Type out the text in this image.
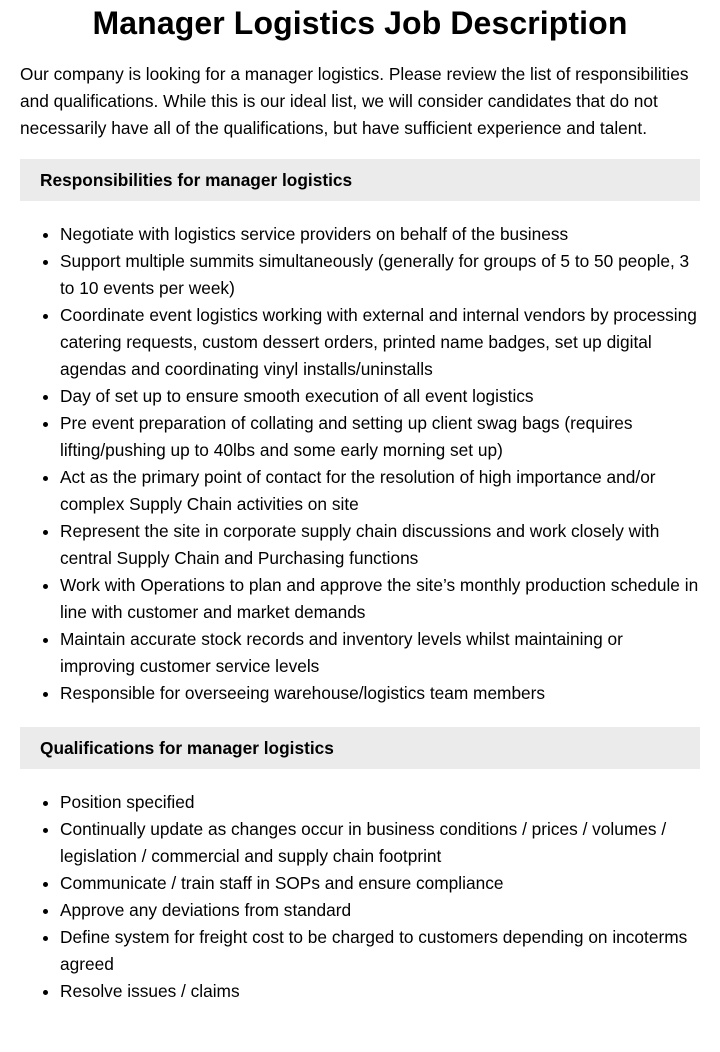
Manager Logistics Job Description

Our company is looking for a manager logistics. Please review the list of responsibilities and qualifications. While this is our ideal list, we will consider candidates that do not necessarily have all of the qualifications, but have sufficient experience and talent.

Responsibilities for manager logistics
• Negotiate with logistics service providers on behalf of the business
• Support multiple summits simultaneously (generally for groups of 5 to 50 people, 3 to 10 events per week)
• Coordinate event logistics working with external and internal vendors by processing catering requests, custom dessert orders, printed name badges, set up digital agendas and coordinating vinyl installs/uninstalls
• Day of set up to ensure smooth execution of all event logistics
• Pre event preparation of collating and setting up client swag bags (requires lifting/pushing up to 40lbs and some early morning set up)
• Act as the primary point of contact for the resolution of high importance and/or complex Supply Chain activities on site
• Represent the site in corporate supply chain discussions and work closely with central Supply Chain and Purchasing functions
• Work with Operations to plan and approve the site’s monthly production schedule in line with customer and market demands
• Maintain accurate stock records and inventory levels whilst maintaining or improving customer service levels
• Responsible for overseeing warehouse/logistics team members
Qualifications for manager logistics
• Position specified
• Continually update as changes occur in business conditions / prices / volumes / legislation / commercial and supply chain footprint
• Communicate / train staff in SOPs and ensure compliance
• Approve any deviations from standard
• Define system for freight cost to be charged to customers depending on incoterms agreed
• Resolve issues / claims
